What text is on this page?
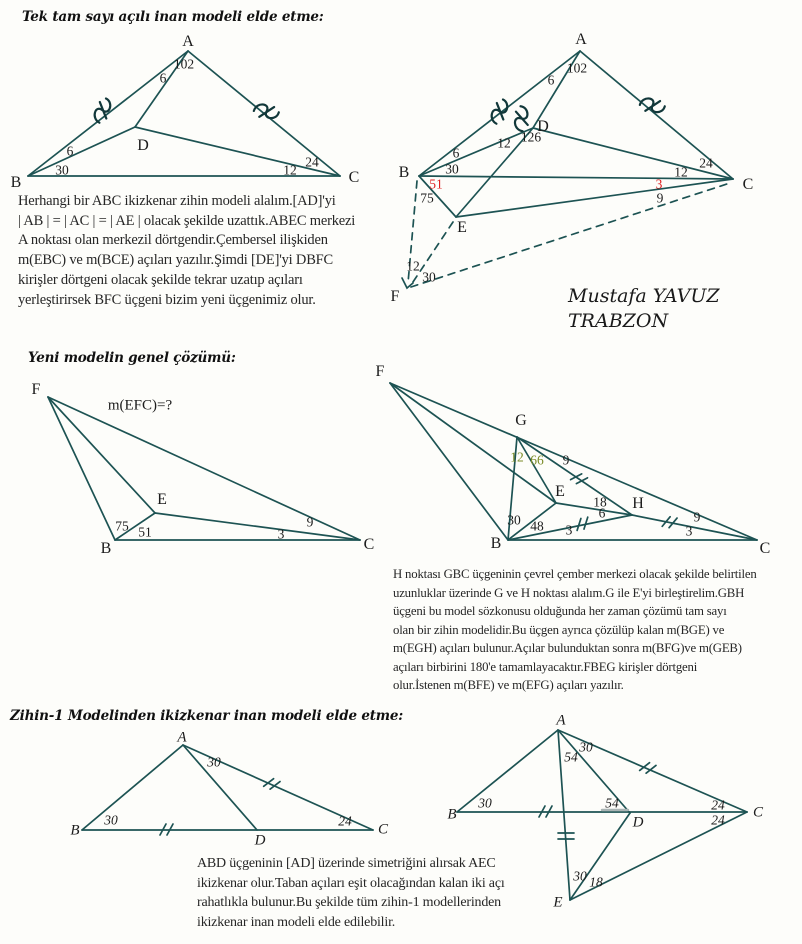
Tek tam sayı açılı inan modeli elde etme:
Yeni modelin genel çözümü:
Zihin-1 Modelinden ikizkenar inan modeli elde etme:
Mustafa YAVUZ
TRABZON
Herhangi bir ABC ikizkenar zihin modeli alalım.[AD]'yi
| AB | = | AC | = | AE | olacak şekilde uzattık.ABEC merkezi
A noktası olan merkezil dörtgendir.Çembersel ilişkiden
m(EBC) ve m(BCE) açıları yazılır.Şimdi [DE]'yi DBFC
kirişler dörtgeni olacak şekilde tekrar uzatıp açıları
yerleştirirsek BFC üçgeni bizim yeni üçgenimiz olur.
H noktası GBC üçgeninin çevrel çember merkezi olacak şekilde belirtilen
uzunluklar üzerinde G ve H noktası alalım.G ile E'yi birleştirelim.GBH
üçgeni bu model sözkonusu olduğunda her zaman çözümü tam sayı
olan bir zihin modelidir.Bu üçgen ayrıca çözülüp kalan m(BGE) ve
m(EGH) açıları bulunur.Açılar bulunduktan sonra m(BFG)ve m(GEB)
açıları birbirini 180'e tamamlayacaktır.FBEG kirişler dörtgeni
olur.İstenen m(BFE) ve m(EFG) açıları yazılır.
ABD üçgeninin [AD] üzerinde simetriğini alırsak AEC
ikizkenar olur.Taban açıları eşit olacağından kalan iki açı
rahatlıkla bulunur.Bu şekilde tüm zihin-1 modellerinden
ikizkenar inan modeli elde edilebilir.
A
B	C
D
102
6
6
30	12
24
A
B
C
D
E
F
102
6
126
12
6
30
51
75
24
12
3
9
12
30
F
B	C
E
m(EFC)=?
75 51
9
3
F
G
E
H
B	C
12 66 9
18
6
30 48 3
9
3
A
B	C
D
30
30	24
A
B	C
D
E
54
30
30	54	24
24
30 18
